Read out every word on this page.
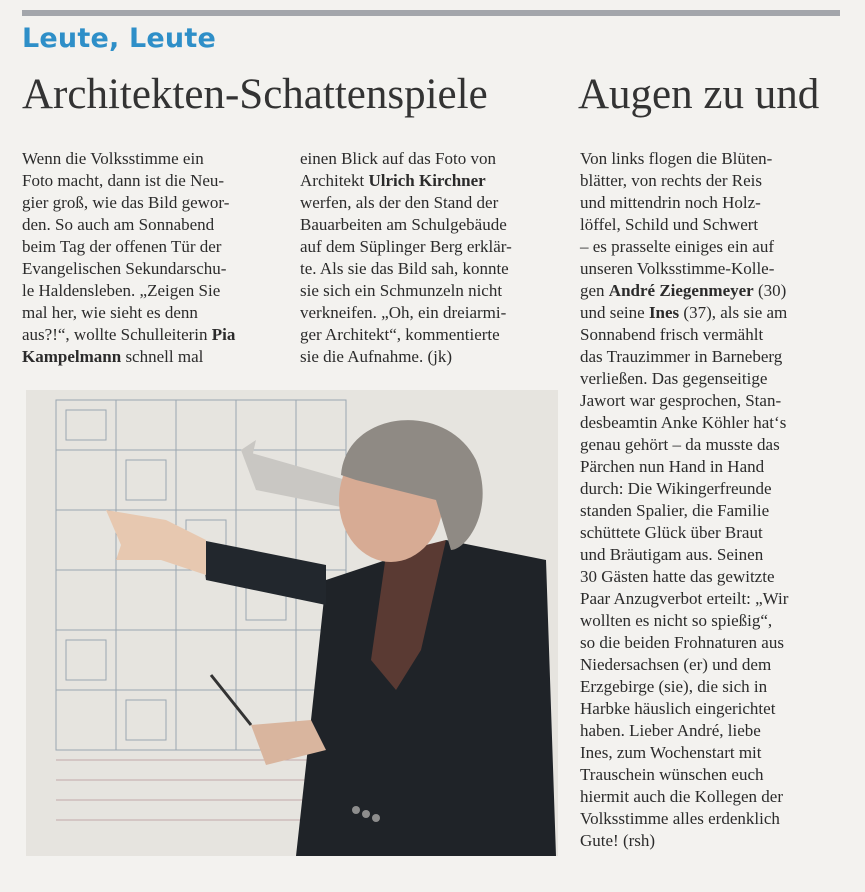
Leute, Leute
Architekten-Schattenspiele Augen zu und
Wenn die Volksstimme ein
Foto macht, dann ist die Neu-
gier groß, wie das Bild gewor-
den. So auch am Sonnabend
beim Tag der offenen Tür der
Evangelischen Sekundarschu-
le Haldensleben. „Zeigen Sie
mal her, wie sieht es denn
aus?!“, wollte Schulleiterin Pia
Kampelmann schnell mal
einen Blick auf das Foto von
Architekt Ulrich Kirchner
werfen, als der den Stand der
Bauarbeiten am Schulgebäude
auf dem Süplinger Berg erklär-
te. Als sie das Bild sah, konnte
sie sich ein Schmunzeln nicht
verkneifen. „Oh, ein dreiarmi-
ger Architekt“, kommentierte
sie die Aufnahme. (jk)
Von links flogen die Blüten-
blätter, von rechts der Reis
und mittendrin noch Holz-
löffel, Schild und Schwert
– es prasselte einiges ein auf
unseren Volksstimme-Kolle-
gen André Ziegenmeyer (30)
und seine Ines (37), als sie am
Sonnabend frisch vermählt
das Trauzimmer in Barneberg
verließen. Das gegenseitige
Jawort war gesprochen, Stan-
desbeamtin Anke Köhler hat‘s
genau gehört – da musste das
Pärchen nun Hand in Hand
durch: Die Wikingerfreunde
standen Spalier, die Familie
schüttete Glück über Braut
und Bräutigam aus. Seinen
30 Gästen hatte das gewitzte
Paar Anzugverbot erteilt: „Wir
wollten es nicht so spießig“,
so die beiden Frohnaturen aus
Niedersachsen (er) und dem
Erzgebirge (sie), die sich in
Harbke häuslich eingerichtet
haben. Lieber André, liebe
Ines, zum Wochenstart mit
Trauschein wünschen euch
hiermit auch die Kollegen der
Volksstimme alles erdenklich
Gute! (rsh)
